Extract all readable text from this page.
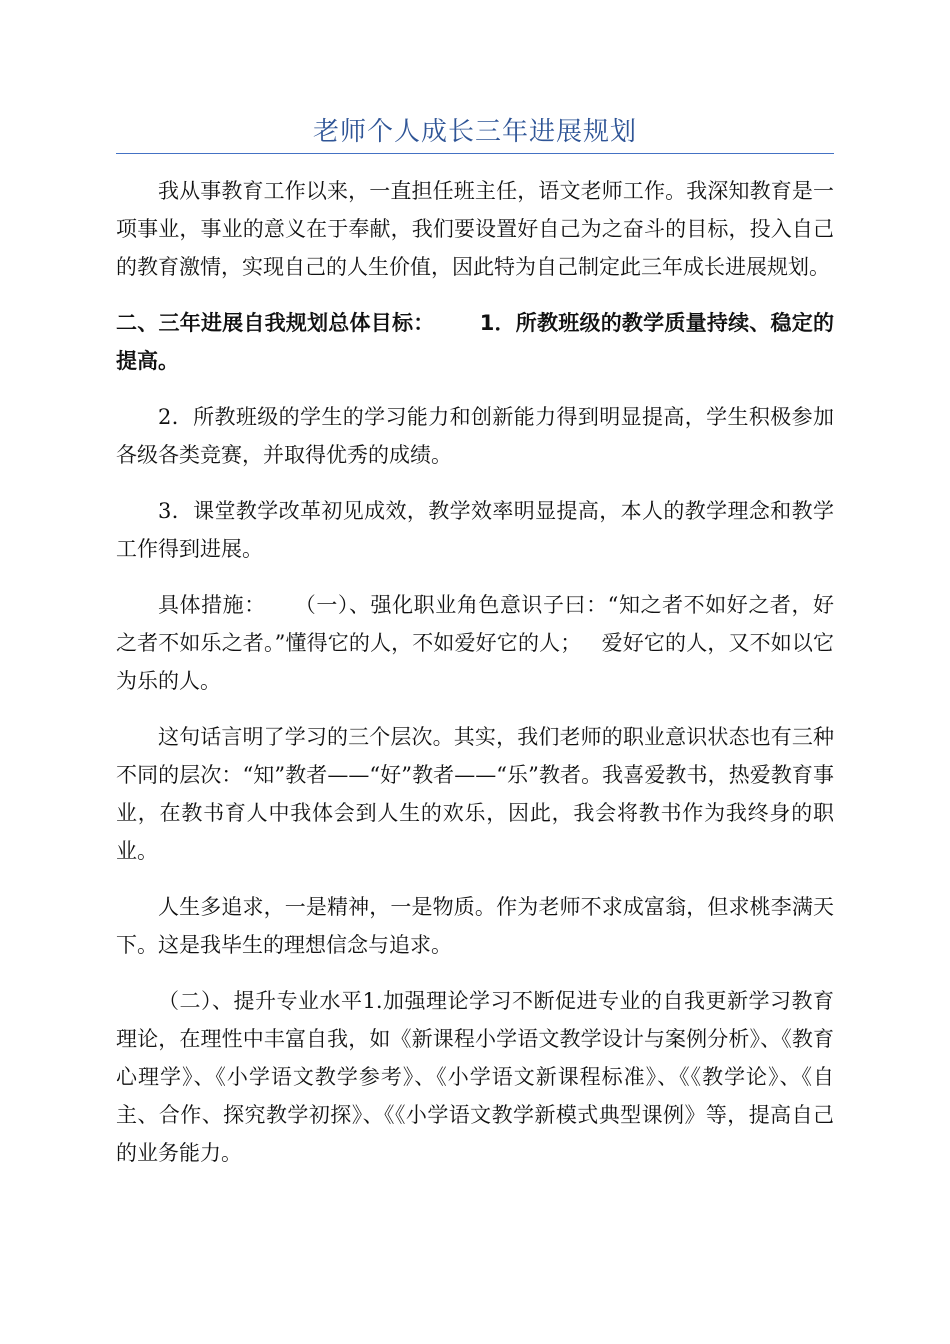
老师个人成长三年进展规划

我从事教育工作以来，一直担任班主任，语文老师工作。我深知教育是一项事业，事业的意义在于奉献，我们要设置好自己为之奋斗的目标，投入自己的教育激情，实现自己的人生价值，因此特为自己制定此三年成长进展规划。

二、三年进展自我规划总体目标： 1．所教班级的教学质量持续、稳定的提高。

2．所教班级的学生的学习能力和创新能力得到明显提高，学生积极参加各级各类竞赛，并取得优秀的成绩。

3．课堂教学改革初见成效，教学效率明显提高，本人的教学理念和教学工作得到进展。

具体措施： （一）、强化职业角色意识子曰：“知之者不如好之者，好之者不如乐之者。”懂得它的人，不如爱好它的人； 爱好它的人，又不如以它为乐的人。

这句话言明了学习的三个层次。其实，我们老师的职业意识状态也有三种不同的层次：“知”教者——“好”教者——“乐”教者。我喜爱教书，热爱教育事业，在教书育人中我体会到人生的欢乐，因此，我会将教书作为我终身的职业。

人生多追求，一是精神，一是物质。作为老师不求成富翁，但求桃李满天下。这是我毕生的理想信念与追求。

（二）、提升专业水平1.加强理论学习不断促进专业的自我更新学习教育理论，在理性中丰富自我，如《新课程小学语文教学设计与案例分析》、《教育心理学》、《小学语文教学参考》、《小学语文新课程标准》、《《教学论》、《自主、合作、探究教学初探》、《《小学语文教学新模式典型课例》等，提高自己的业务能力。
